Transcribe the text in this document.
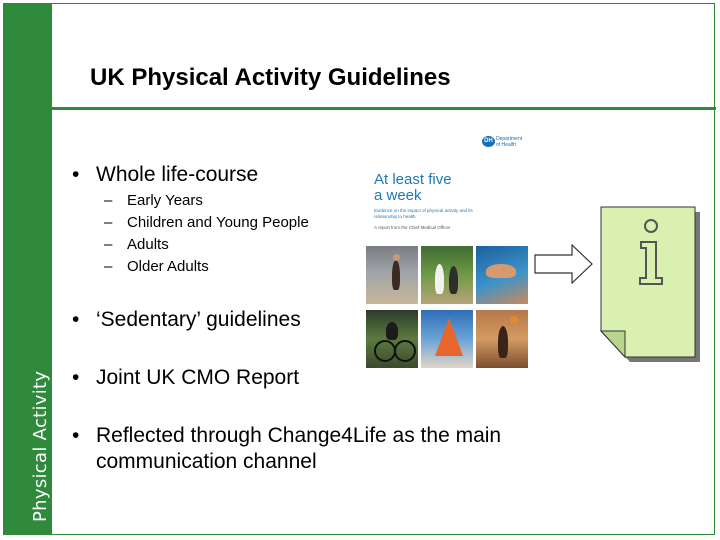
Physical Activity
UK Physical Activity Guidelines
• Whole life-course
– Early Years
– Children and Young People
– Adults
– Older Adults
• ‘Sedentary’ guidelines
• Joint UK CMO Report
• Reflected through Change4Life as the main
communication channel
DH Department
of Health
At least five
a week
Evidence on the impact of physical activity and its relationship to health
A report from the Chief Medical Officer
